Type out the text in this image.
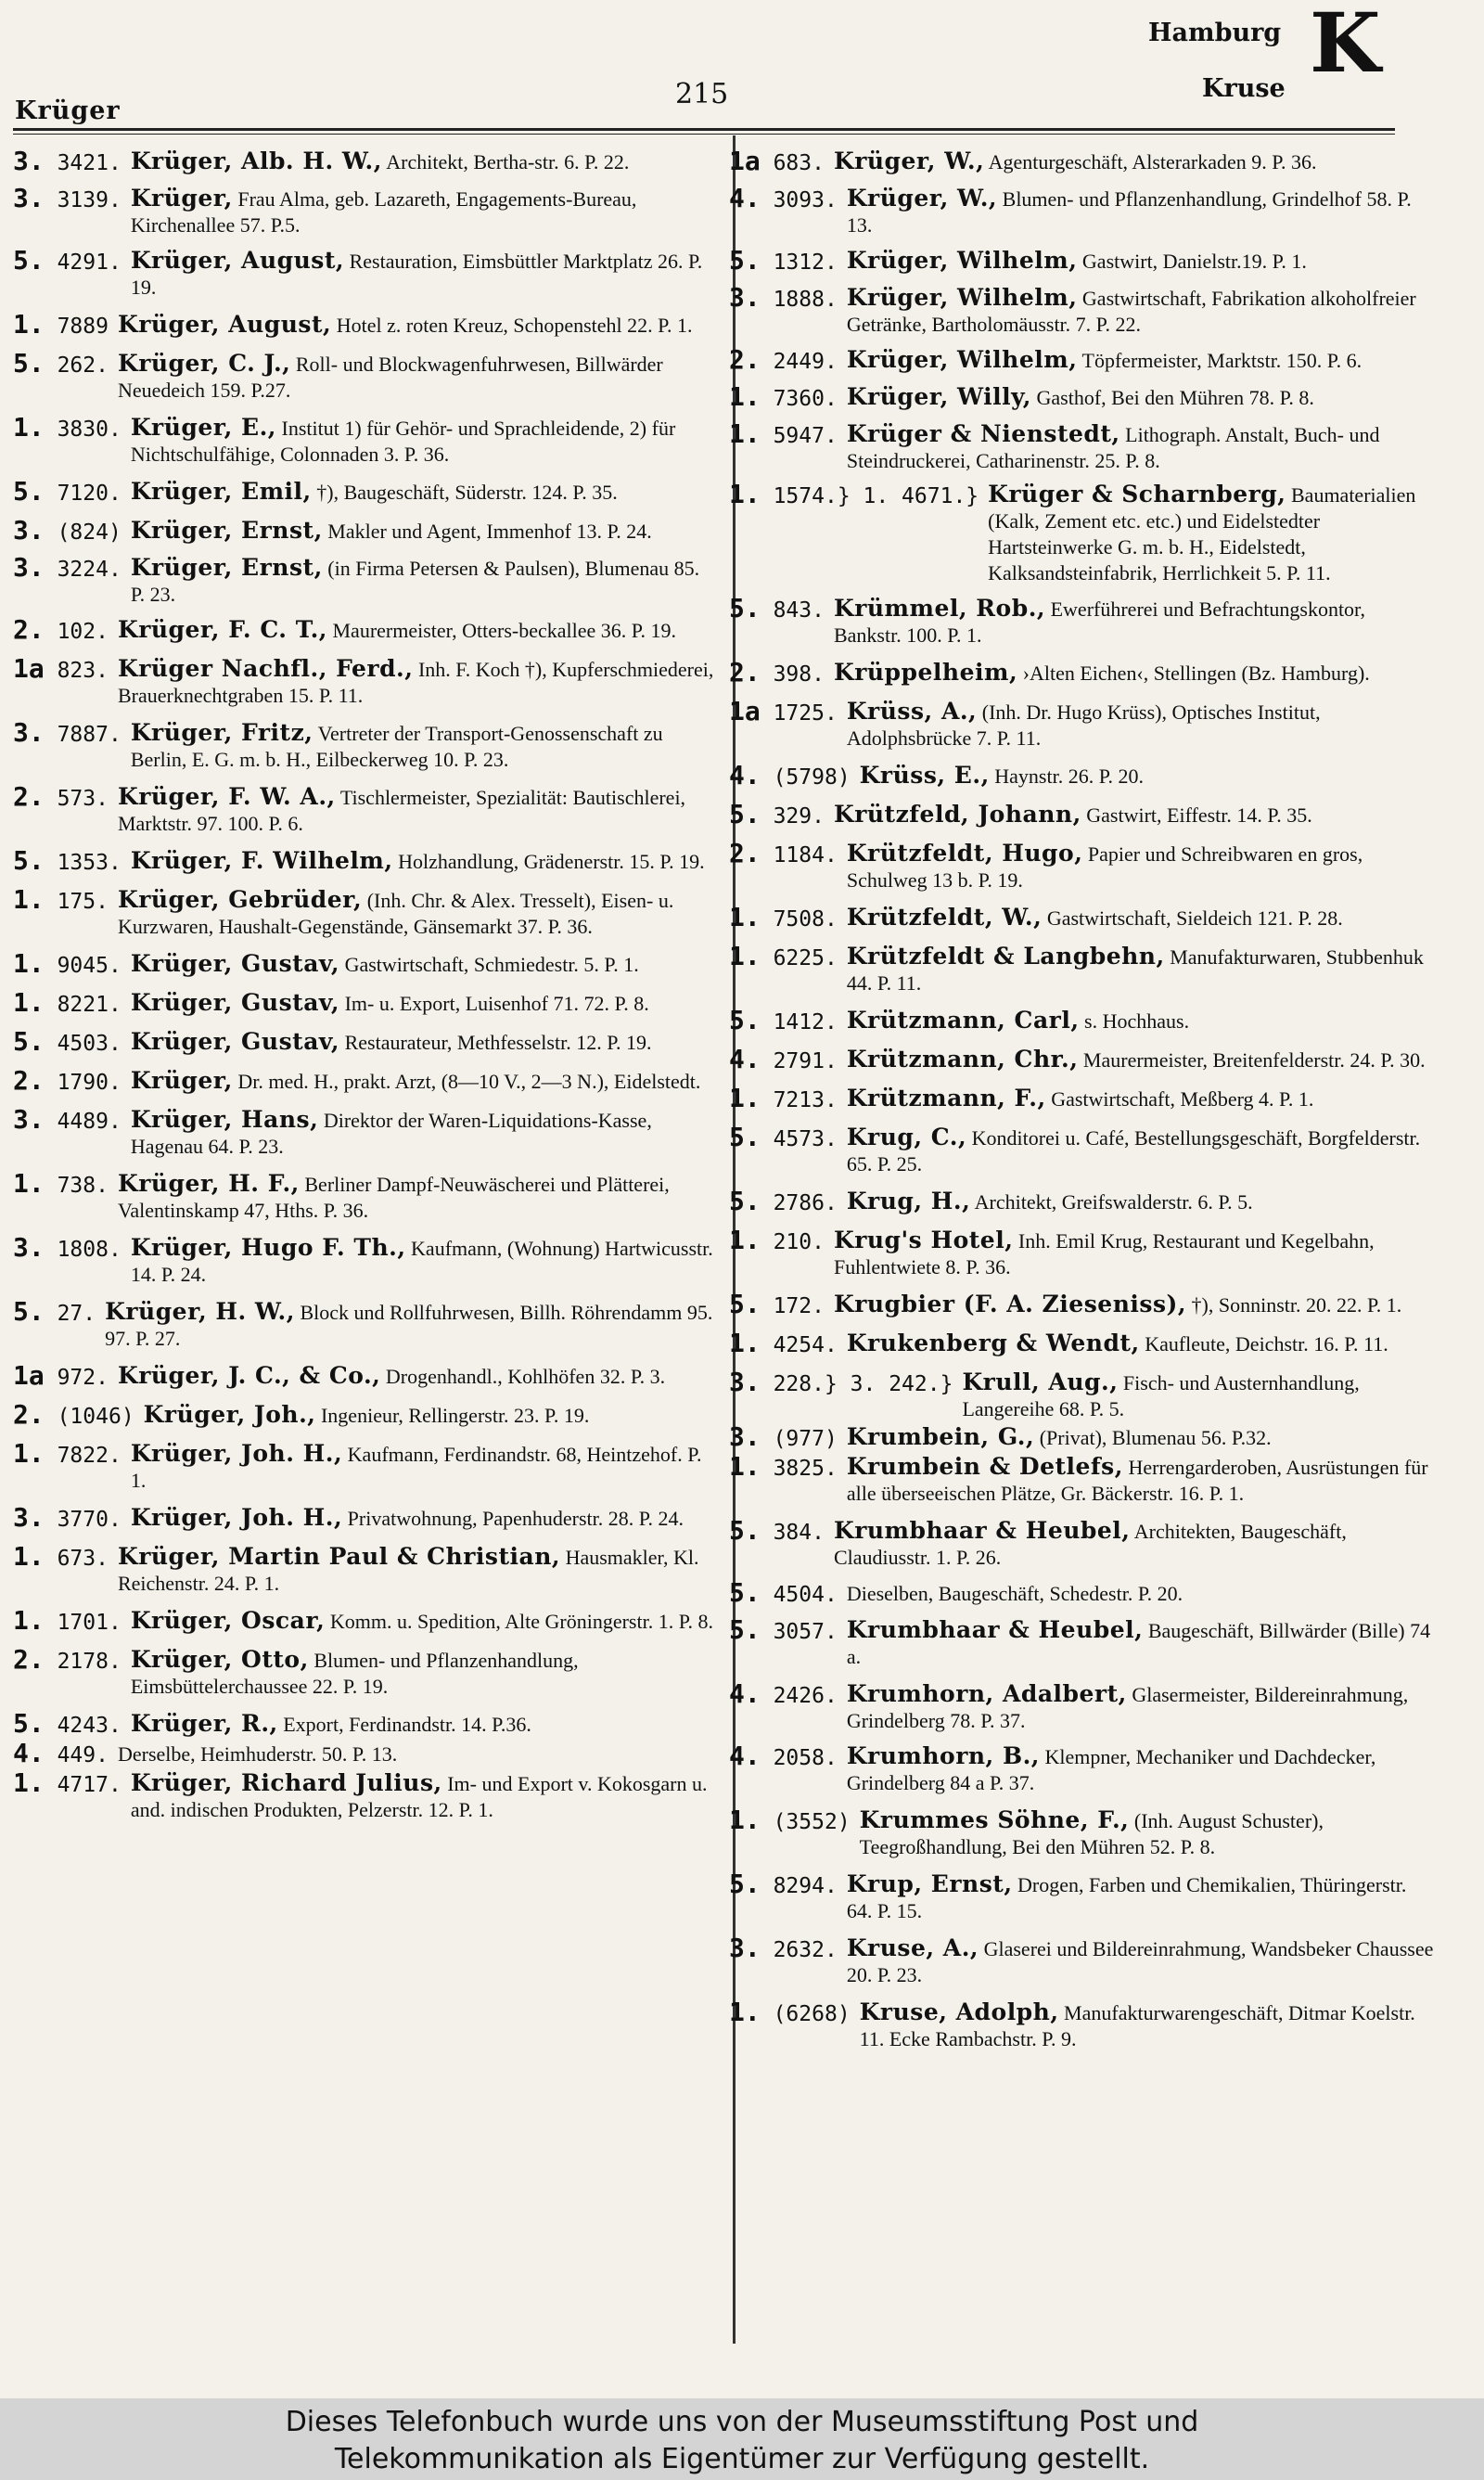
Krüger
215
Hamburg
Kruse K
3. 3421. Krüger, Alb. H. W., Architekt, Bertha-str. 6. P. 22.
3. 3139. Krüger, Frau Alma, geb. Lazareth, Engagements-Bureau, Kirchenallee 57. P.5.
5. 4291. Krüger, August, Restauration, Eimsbüttler Marktplatz 26. P. 19.
1. 7889 Krüger, August, Hotel z. roten Kreuz, Schopenstehl 22. P. 1.
5. 262. Krüger, C. J., Roll- und Blockwagenfuhrwesen, Billwärder Neuedeich 159. P.27.
1. 3830. Krüger, E., Institut 1) für Gehör- und Sprachleidende, 2) für Nichtschulfähige, Colonnaden 3. P. 36.
5. 7120. Krüger, Emil, †), Baugeschäft, Süderstr. 124. P. 35.
3. (824) Krüger, Ernst, Makler und Agent, Immenhof 13. P. 24.
3. 3224. Krüger, Ernst, (in Firma Petersen & Paulsen), Blumenau 85. P. 23.
2. 102. Krüger, F. C. T., Maurermeister, Otters-beckallee 36. P. 19.
1a 823. Krüger Nachfl., Ferd., Inh. F. Koch †), Kupferschmiederei, Brauerknechtgraben 15. P. 11.
3. 7887. Krüger, Fritz, Vertreter der Transport-Genossenschaft zu Berlin, E. G. m. b. H., Eilbeckerweg 10. P. 23.
2. 573. Krüger, F. W. A., Tischlermeister, Spezialität: Bautischlerei, Marktstr. 97. 100. P. 6.
5. 1353. Krüger, F. Wilhelm, Holzhandlung, Grädenerstr. 15. P. 19.
1. 175. Krüger, Gebrüder, (Inh. Chr. & Alex. Tresselt), Eisen- u. Kurzwaren, Haushalt-Gegenstände, Gänsemarkt 37. P. 36.
1. 9045. Krüger, Gustav, Gastwirtschaft, Schmiedestr. 5. P. 1.
1. 8221. Krüger, Gustav, Im- u. Export, Luisenhof 71. 72. P. 8.
5. 4503. Krüger, Gustav, Restaurateur, Methfesselstr. 12. P. 19.
2. 1790. Krüger, Dr. med. H., prakt. Arzt, (8—10 V., 2—3 N.), Eidelstedt.
3. 4489. Krüger, Hans, Direktor der Waren-Liquidations-Kasse, Hagenau 64. P. 23.
1. 738. Krüger, H. F., Berliner Dampf-Neuwäscherei und Plätterei, Valentinskamp 47, Hths. P. 36.
3. 1808. Krüger, Hugo F. Th., Kaufmann, (Wohnung) Hartwicusstr. 14. P. 24.
5. 27. Krüger, H. W., Block und Rollfuhrwesen, Billh. Röhrendamm 95. 97. P. 27.
1a 972. Krüger, J. C., & Co., Drogenhandl., Kohlhöfen 32. P. 3.
2. (1046) Krüger, Joh., Ingenieur, Rellingerstr. 23. P. 19.
1. 7822. Krüger, Joh. H., Kaufmann, Ferdinandstr. 68, Heintzehof. P. 1.
3. 3770. Krüger, Joh. H., Privatwohnung, Papenhuderstr. 28. P. 24.
1. 673. Krüger, Martin Paul & Christian, Hausmakler, Kl. Reichenstr. 24. P. 1.
1. 1701. Krüger, Oscar, Komm. u. Spedition, Alte Gröningerstr. 1. P. 8.
2. 2178. Krüger, Otto, Blumen- und Pflanzenhandlung, Eimsbüttelerchaussee 22. P. 19.
5. 4243. Krüger, R., Export, Ferdinandstr. 14. P.36.
4. 449. Derselbe, Heimhuderstr. 50. P. 13.
1. 4717. Krüger, Richard Julius, Im- und Export v. Kokosgarn u. and. indischen Produkten, Pelzerstr. 12. P. 1.
1a 683. Krüger, W., Agenturgeschäft, Alsterarkaden 9. P. 36.
4. 3093. Krüger, W., Blumen- und Pflanzenhandlung, Grindelhof 58. P. 13.
5. 1312. Krüger, Wilhelm, Gastwirt, Danielstr.19. P. 1.
3. 1888. Krüger, Wilhelm, Gastwirtschaft, Fabrikation alkoholfreier Getränke, Bartholomäusstr. 7. P. 22.
2. 2449. Krüger, Wilhelm, Töpfermeister, Marktstr. 150. P. 6.
1. 7360. Krüger, Willy, Gasthof, Bei den Mühren 78. P. 8.
1. 5947. Krüger & Nienstedt, Lithograph. Anstalt, Buch- und Steindruckerei, Catharinenstr. 25. P. 8.
1. 1574.} 1. 4671.} Krüger & Scharnberg, Baumaterialien (Kalk, Zement etc. etc.) und Eidelstedter Hartsteinwerke G. m. b. H., Eidelstedt, Kalksandsteinfabrik, Herrlichkeit 5. P. 11.
5. 843. Krümmel, Rob., Ewerführerei und Befrachtungskontor, Bankstr. 100. P. 1.
2. 398. Krüppelheim, ›Alten Eichen‹, Stellingen (Bz. Hamburg).
1a 1725. Krüss, A., (Inh. Dr. Hugo Krüss), Optisches Institut, Adolphsbrücke 7. P. 11.
4. (5798) Krüss, E., Haynstr. 26. P. 20.
5. 329. Krützfeld, Johann, Gastwirt, Eiffestr. 14. P. 35.
2. 1184. Krützfeldt, Hugo, Papier und Schreibwaren en gros, Schulweg 13 b. P. 19.
1. 7508. Krützfeldt, W., Gastwirtschaft, Sieldeich 121. P. 28.
1. 6225. Krützfeldt & Langbehn, Manufakturwaren, Stubbenhuk 44. P. 11.
5. 1412. Krützmann, Carl, s. Hochhaus.
4. 2791. Krützmann, Chr., Maurermeister, Breitenfelderstr. 24. P. 30.
1. 7213. Krützmann, F., Gastwirtschaft, Meßberg 4. P. 1.
5. 4573. Krug, C., Konditorei u. Café, Bestellungsgeschäft, Borgfelderstr. 65. P. 25.
5. 2786. Krug, H., Architekt, Greifswalderstr. 6. P. 5.
1. 210. Krug's Hotel, Inh. Emil Krug, Restaurant und Kegelbahn, Fuhlentwiete 8. P. 36.
5. 172. Krugbier (F. A. Zieseniss), †), Sonninstr. 20. 22. P. 1.
1. 4254. Krukenberg & Wendt, Kaufleute, Deichstr. 16. P. 11.
3. 228.} 3. 242.} Krull, Aug., Fisch- und Austernhandlung, Langereihe 68. P. 5.
3. (977) Krumbein, G., (Privat), Blumenau 56. P.32.
1. 3825. Krumbein & Detlefs, Herrengarderoben, Ausrüstungen für alle überseeischen Plätze, Gr. Bäckerstr. 16. P. 1.
5. 384. Krumbhaar & Heubel, Architekten, Baugeschäft, Claudiusstr. 1. P. 26.
5. 4504. Dieselben, Baugeschäft, Schedestr. P. 20.
5. 3057. Krumbhaar & Heubel, Baugeschäft, Billwärder (Bille) 74 a.
4. 2426. Krumhorn, Adalbert, Glasermeister, Bildereinrahmung, Grindelberg 78. P. 37.
4. 2058. Krumhorn, B., Klempner, Mechaniker und Dachdecker, Grindelberg 84 a P. 37.
1. (3552) Krummes Söhne, F., (Inh. August Schuster), Teegroßhandlung, Bei den Mühren 52. P. 8.
5. 8294. Krup, Ernst, Drogen, Farben und Chemikalien, Thüringerstr. 64. P. 15.
3. 2632. Kruse, A., Glaserei und Bildereinrahmung, Wandsbeker Chaussee 20. P. 23.
1. (6268) Kruse, Adolph, Manufakturwarengeschäft, Ditmar Koelstr. 11. Ecke Rambachstr. P. 9.
Dieses Telefonbuch wurde uns von der Museumsstiftung Post und
Telekommunikation als Eigentümer zur Verfügung gestellt.
